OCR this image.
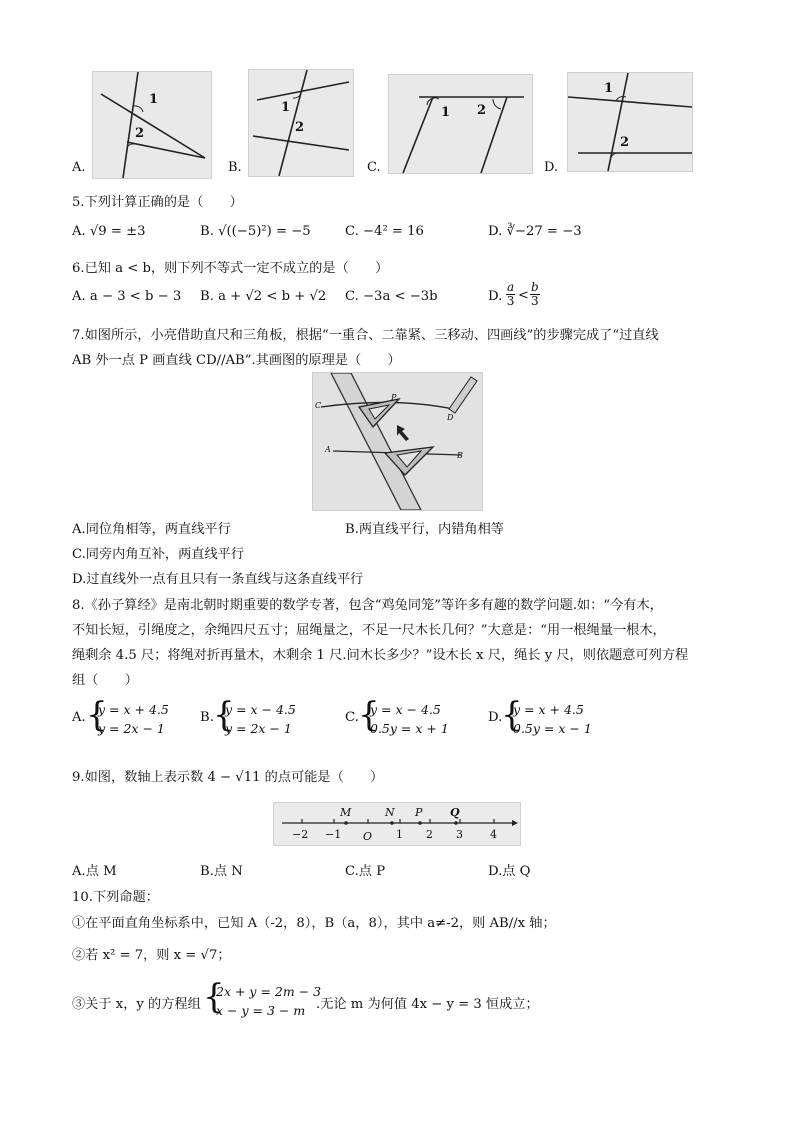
A.
1
2
B.
1
2
C.
1 2
D.
1
2
5.下列计算正确的是（　　）
A. √9 = ±3	B. √((−5)²) = −5	C. −4² = 16	D. ∛−27 = −3
6.已知 a < b，则下列不等式一定不成立的是（　　）
A. a − 3 < b − 3 B. a + √2 < b + √2 C. −3a < −3b	D.
a
3 <
b
3
7.如图所示，小亮借助直尺和三角板，根据“一重合、二靠紧、三移动、四画线”的步骤完成了“过直线
AB 外一点 P 画直线 CD//AB”.其画图的原理是（　　）
C
P
D
A
B
A.同位角相等，两直线平行	B.两直线平行，内错角相等
C.同旁内角互补，两直线平行
D.过直线外一点有且只有一条直线与这条直线平行
8.《孙子算经》是南北朝时期重要的数学专著，包含“鸡兔同笼”等许多有趣的数学问题.如：“今有木，
不知长短，引绳度之，余绳四尺五寸；屈绳量之，不足一尺木长几何？”大意是：“用一根绳量一根木，
绳剩余 4.5 尺；将绳对折再量木，木剩余 1 尺.问木长多少？”设木长 x 尺，绳长 y 尺，则依题意可列方程
组（　　）
A. {
y = x + 4.5
y = 2x − 1
B. {
y = x − 4.5
y = 2x − 1
C. {
y = x − 4.5
0.5y = x + 1
D.
{
y = x + 4.5
0.5y = x − 1
9.如图，数轴上表示数 4 − √11 的点可能是（　　）
M	N P	Q
−2 −1 O 1 2 3 4
A.点 M	B.点 N	C.点 P	D.点 Q
10.下列命题：
①在平面直角坐标系中，已知 A（-2，8），B（a，8），其中 a≠-2，则 AB//x 轴；
②若 x² = 7，则 x = √7；
③关于 x，y 的方程组 {
2x + y = 2m − 3
x − y = 3 − m .无论 m 为何值 4x − y = 3 恒成立；
